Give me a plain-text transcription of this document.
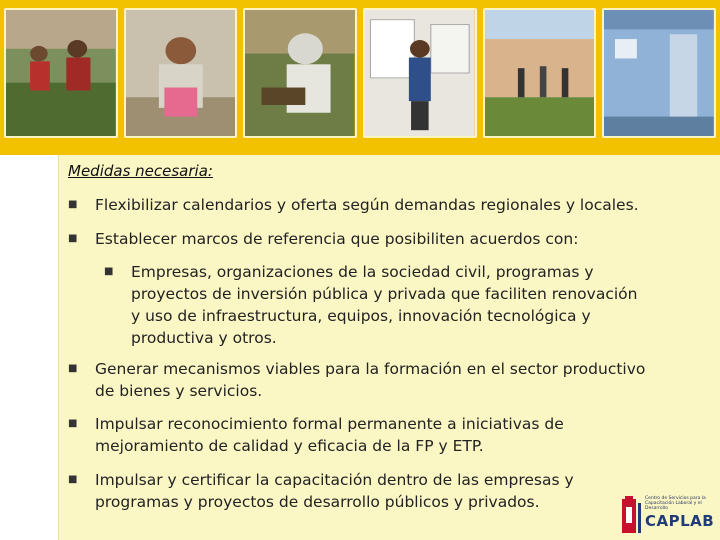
Medidas necesaria:
■	Flexibilizar calendarios y oferta según demandas regionales y locales.
■	Establecer marcos de referencia que posibiliten acuerdos con:
■	Empresas, organizaciones de la sociedad civil, programas y proyectos de inversión pública y privada que faciliten renovación y uso de infraestructura, equipos, innovación tecnológica y productiva y otros.
■	Generar mecanismos viables para la formación en el sector productivo de bienes y servicios.
■	Impulsar reconocimiento formal permanente a iniciativas de mejoramiento de calidad y eficacia de la FP y ETP.
■	Impulsar y certificar la capacitación dentro de las empresas y programas y proyectos de desarrollo públicos y privados.	Centro de Servicios para la Capacitación Laboral y el Desarrollo
CAPLAB
